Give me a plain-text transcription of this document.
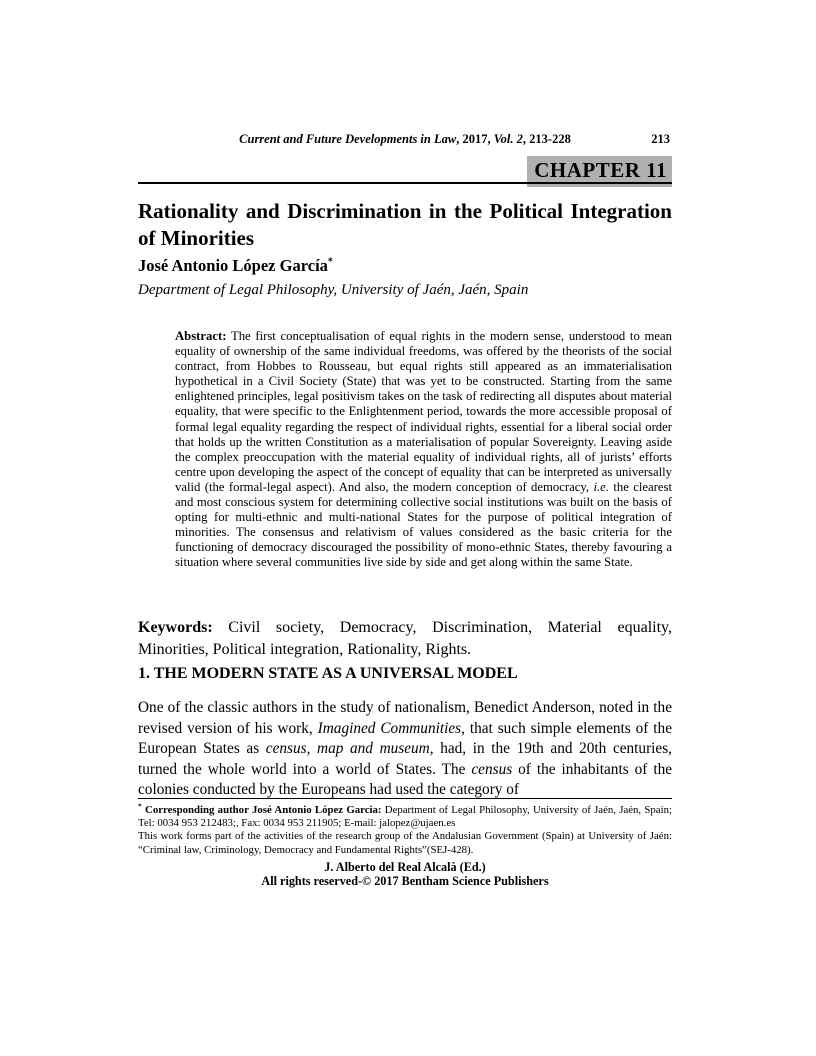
Current and Future Developments in Law, 2017, Vol. 2, 213-228	213
CHAPTER 11
Rationality and Discrimination in the Political Integration of Minorities
José Antonio López García*
Department of Legal Philosophy, University of Jaén, Jaén, Spain
Abstract: The first conceptualisation of equal rights in the modern sense, understood to mean equality of ownership of the same individual freedoms, was offered by the theorists of the social contract, from Hobbes to Rousseau, but equal rights still appeared as an immaterialisation hypothetical in a Civil Society (State) that was yet to be constructed. Starting from the same enlightened principles, legal positivism takes on the task of redirecting all disputes about material equality, that were specific to the Enlightenment period, towards the more accessible proposal of formal legal equality regarding the respect of individual rights, essential for a liberal social order that holds up the written Constitution as a materialisation of popular Sovereignty. Leaving aside the complex preoccupation with the material equality of individual rights, all of jurists’ efforts centre upon developing the aspect of the concept of equality that can be interpreted as universally valid (the formal-legal aspect). And also, the modern conception of democracy, i.e. the clearest and most conscious system for determining collective social institutions was built on the basis of opting for multi-ethnic and multi-national States for the purpose of political integration of minorities. The consensus and relativism of values considered as the basic criteria for the functioning of democracy discouraged the possibility of mono-ethnic States, thereby favouring a situation where several communities live side by side and get along within the same State.
Keywords: Civil society, Democracy, Discrimination, Material equality, Minorities, Political integration, Rationality, Rights.
1. THE MODERN STATE AS A UNIVERSAL MODEL
One of the classic authors in the study of nationalism, Benedict Anderson, noted in the revised version of his work, Imagined Communities, that such simple elements of the European States as census, map and museum, had, in the 19th and 20th centuries, turned the whole world into a world of States. The census of the inhabitants of the colonies conducted by the Europeans had used the category of

* Corresponding author José Antonio López Garcia: Department of Legal Philosophy, University of Jaén, Jaén, Spain; Tel: 0034 953 212483;, Fax: 0034 953 211905; E-mail: jalopez@ujaen.es

This work forms part of the activities of the research group of the Andalusian Government (Spain) at University of Jaén: “Criminal law, Criminology, Democracy and Fundamental Rights”(SEJ-428).

J. Alberto del Real Alcalà (Ed.)
All rights reserved-© 2017 Bentham Science Publishers
